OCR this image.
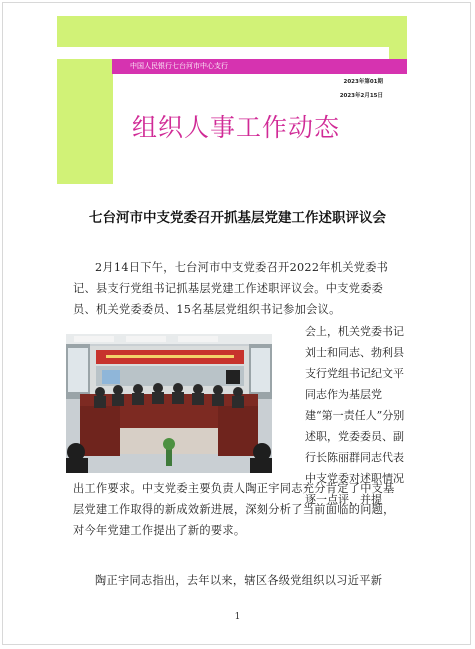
中国人民银行七台河市中心支行
2023年第01期
2023年2月15日
组织人事工作动态
七台河市中支党委召开抓基层党建工作述职评议会
2月14日下午，七台河市中支党委召开2022年机关党委书记、县支行党组书记抓基层党建工作述职评议会。中支党委委员、机关党委委员、15名基层党组织书记参加会议。
会上，机关党委书记刘士和同志、勃利县支行党组书记纪文平同志作为基层党建“第一责任人”分别述职，党委委员、副行长陈丽群同志代表中支党委对述职情况逐一点评，并提
出工作要求。中支党委主要负责人陶正宇同志充分肯定了中支基层党建工作取得的新成效新进展，深刻分析了当前面临的问题，对今年党建工作提出了新的要求。
陶正宇同志指出，去年以来，辖区各级党组织以习近平新
1
